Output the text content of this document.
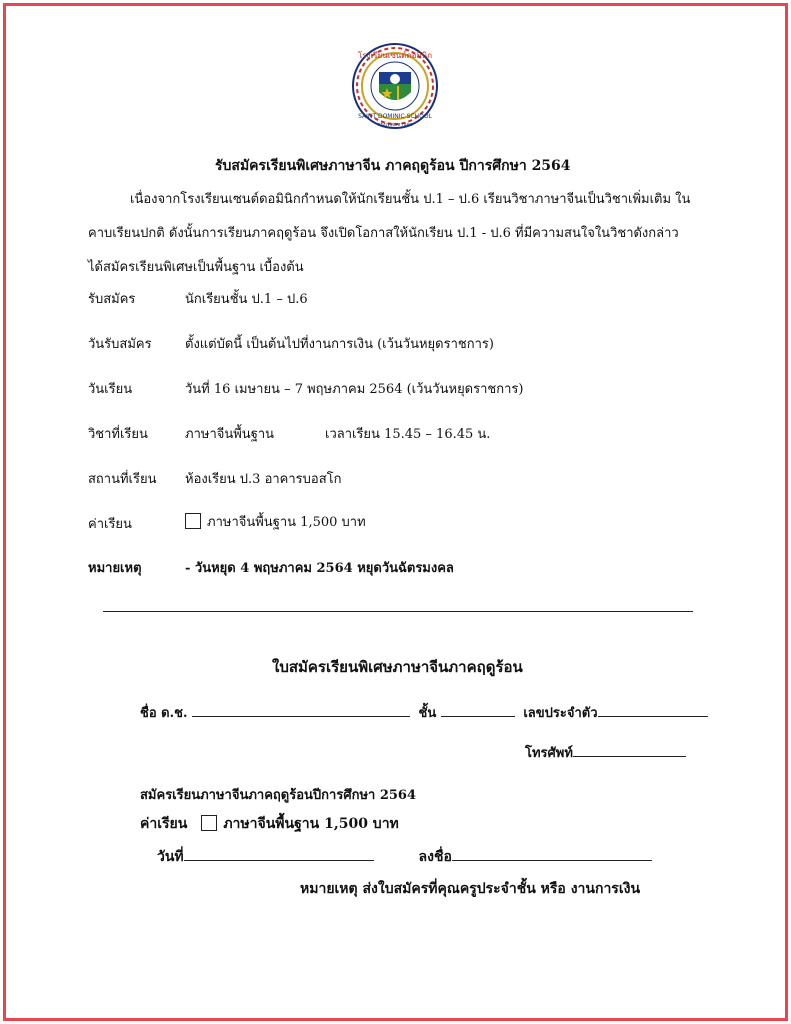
โรงเรียนเซนต์ดอมินิก
SAINT DOMINIC SCHOOL
กรุงเทพมหานคร
รับสมัครเรียนพิเศษภาษาจีน ภาคฤดูร้อน ปีการศึกษา 2564
เนื่องจากโรงเรียนเซนต์ดอมินิกกำหนดให้นักเรียนชั้น ป.1 – ป.6 เรียนวิชาภาษาจีนเป็นวิชาเพิ่มเติม ใน
คาบเรียนปกติ ดังนั้นการเรียนภาคฤดูร้อน จึงเปิดโอกาสให้นักเรียน ป.1 - ป.6 ที่มีความสนใจในวิชาดังกล่าว
ได้สมัครเรียนพิเศษเป็นพื้นฐาน เบื้องต้น
รับสมัคร	นักเรียนชั้น ป.1 – ป.6
วันรับสมัคร	ตั้งแต่บัดนี้ เป็นต้นไปที่งานการเงิน (เว้นวันหยุดราชการ)
วันเรียน	วันที่ 16 เมษายน – 7 พฤษภาคม 2564 (เว้นวันหยุดราชการ)
วิชาที่เรียน	ภาษาจีนพื้นฐาน	เวลาเรียน 15.45 – 16.45 น.
สถานที่เรียน ห้องเรียน ป.3 อาคารบอสโก
ค่าเรียน	ภาษาจีนพื้นฐาน 1,500 บาท
หมายเหตุ	- วันหยุด 4 พฤษภาคม 2564 หยุดวันฉัตรมงคล
ใบสมัครเรียนพิเศษภาษาจีนภาคฤดูร้อน
ชื่อ ด.ช.	ชั้น	เลขประจำตัว
โทรศัพท์
สมัครเรียนภาษาจีนภาคฤดูร้อนปีการศึกษา 2564
ค่าเรียน	ภาษาจีนพื้นฐาน 1,500 บาท
วันที่	ลงชื่อ
หมายเหตุ ส่งใบสมัครที่คุณครูประจำชั้น หรือ งานการเงิน
